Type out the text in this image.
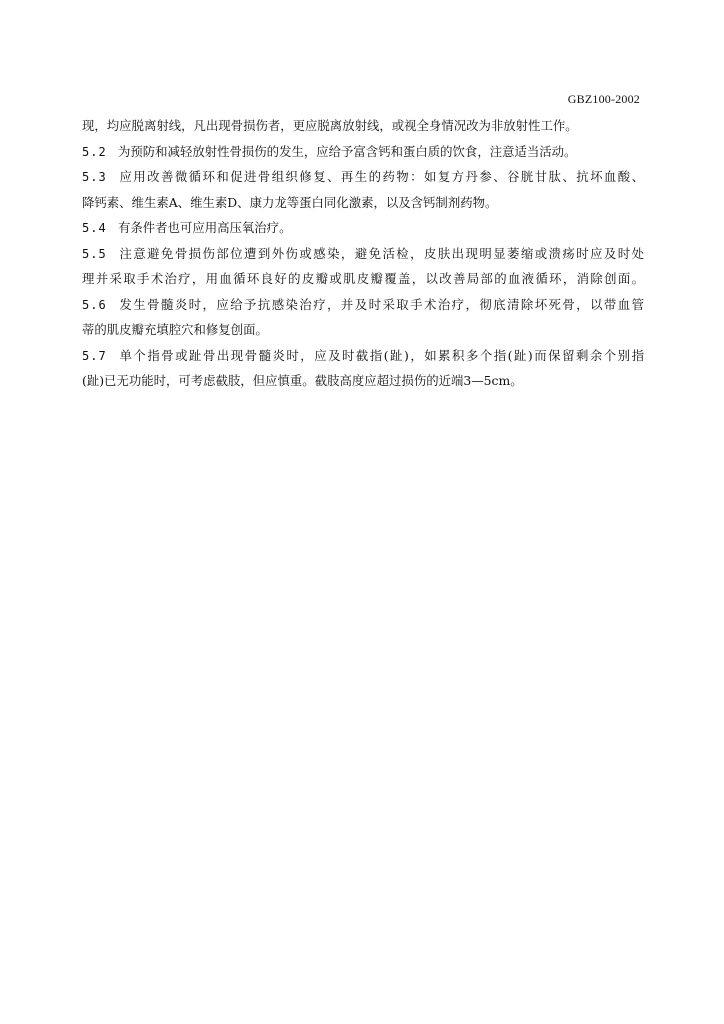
GBZ100-2002
现，均应脱离射线，凡出现骨损伤者，更应脱离放射线，或视全身情况改为非放射性工作。
5.2 为预防和减轻放射性骨损伤的发生，应给予富含钙和蛋白质的饮食，注意适当活动。
5.3 应用改善微循环和促进骨组织修复、再生的药物：如复方丹参、谷胱甘肽、抗坏血酸、
降钙素、维生素A、维生素D、康力龙等蛋白同化激素，以及含钙制剂药物。
5.4 有条件者也可应用高压氧治疗。
5.5 注意避免骨损伤部位遭到外伤或感染，避免活检，皮肤出现明显萎缩或溃疡时应及时处
理并采取手术治疗，用血循环良好的皮瓣或肌皮瓣覆盖，以改善局部的血液循环，消除创面。
5.6 发生骨髓炎时，应给予抗感染治疗，并及时采取手术治疗，彻底清除坏死骨，以带血管
蒂的肌皮瓣充填腔穴和修复创面。
5.7 单个指骨或趾骨出现骨髓炎时，应及时截指(趾)，如累积多个指(趾)而保留剩余个别指
(趾)已无功能时，可考虑截肢，但应慎重。截肢高度应超过损伤的近端3—5cm。
